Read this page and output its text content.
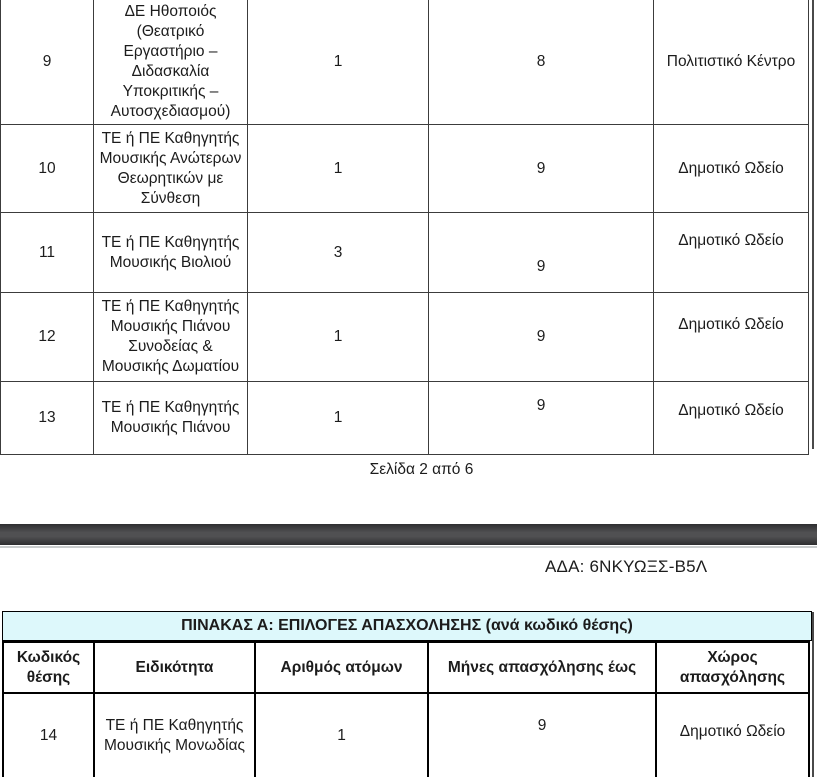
9	ΔΕ Ηθοποιός (Θεατρικό Εργαστήριο – Διδασκαλία Υποκριτικής – Αυτοσχεδιασμού)	1	8	Πολιτιστικό Κέντρο
10	ΤΕ ή ΠΕ Καθηγητής Μουσικής Ανώτερων Θεωρητικών με Σύνθεση	1	9	Δημοτικό Ωδείο
11	ΤΕ ή ΠΕ Καθηγητής Μουσικής Βιολιού	3	9	Δημοτικό Ωδείο
12	ΤΕ ή ΠΕ Καθηγητής Μουσικής Πιάνου Συνοδείας & Μουσικής Δωματίου	1	9	Δημοτικό Ωδείο
13	ΤΕ ή ΠΕ Καθηγητής Μουσικής Πιάνου	1	9	Δημοτικό Ωδείο
Σελίδα 2 από 6
ΑΔΑ: 6ΝΚΥΩΞΣ-Β5Λ
ΠΙΝΑΚΑΣ Α: ΕΠΙΛΟΓΕΣ ΑΠΑΣΧΟΛΗΣΗΣ (ανά κωδικό θέσης)
Κωδικός θέσης	Ειδικότητα	Αριθμός ατόμων	Μήνες απασχόλησης έως	Χώρος απασχόλησης
14	ΤΕ ή ΠΕ Καθηγητής Μουσικής Μονωδίας	1	9	Δημοτικό Ωδείο
